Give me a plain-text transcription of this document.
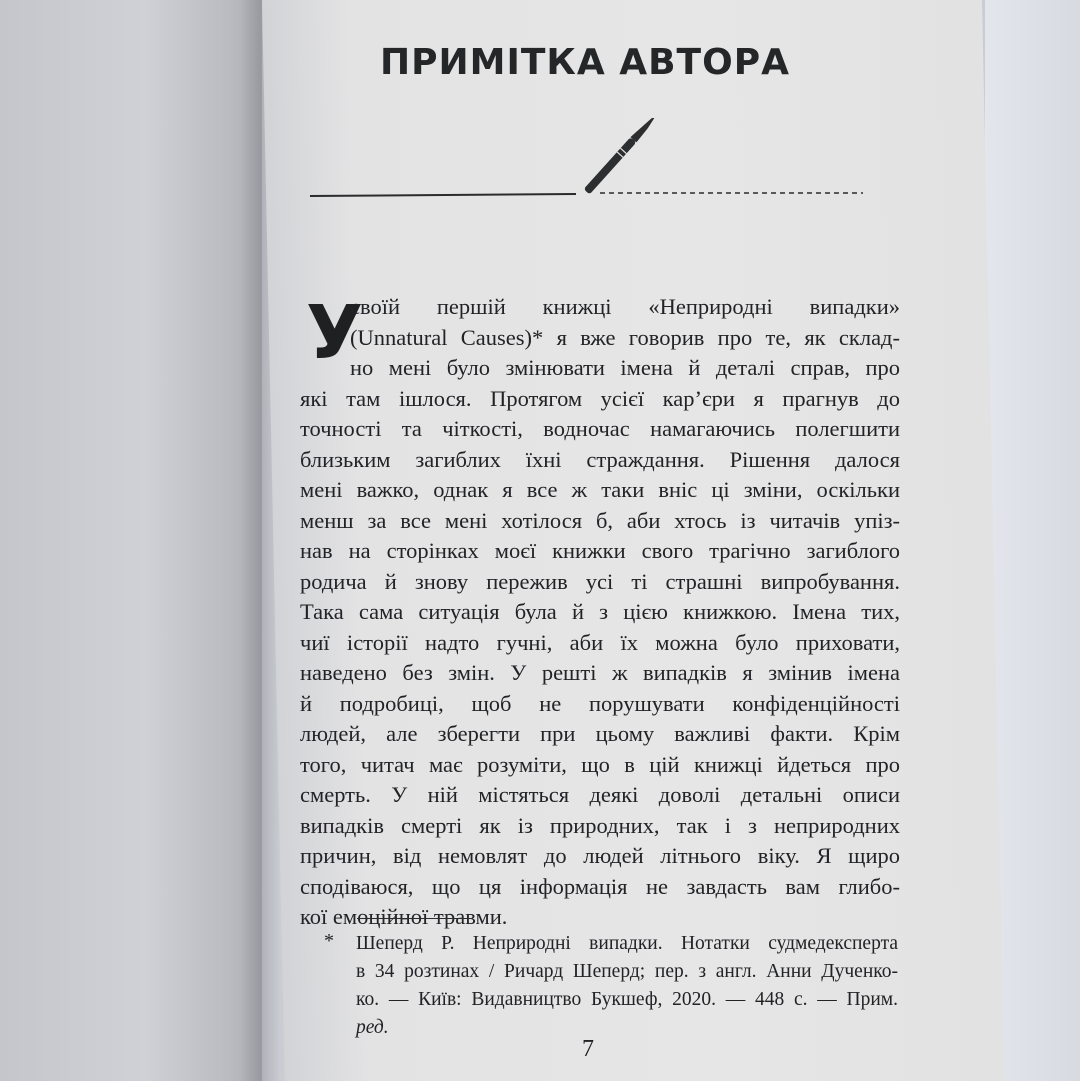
ПРИМІТКА АВТОРА
У
своїй першій книжці «Неприродні випадки»
(Unnatural Causes)* я вже говорив про те, як склад-
но мені було змінювати імена й деталі справ, про
які там ішлося. Протягом усієї кар’єри я прагнув до
точності та чіткості, водночас намагаючись полегшити
близьким загиблих їхні страждання. Рішення далося
мені важко, однак я все ж таки вніс ці зміни, оскільки
менш за все мені хотілося б, аби хтось із читачів упіз-
нав на сторінках моєї книжки свого трагічно загиблого
родича й знову пережив усі ті страшні випробування.
Така сама ситуація була й з цією книжкою. Імена тих,
чиї історії надто гучні, аби їх можна було приховати,
наведено без змін. У решті ж випадків я змінив імена
й подробиці, щоб не порушувати конфіденційності
людей, але зберегти при цьому важливі факти. Крім
того, читач має розуміти, що в цій книжці йдеться про
смерть. У ній містяться деякі доволі детальні описи
випадків смерті як із природних, так і з неприродних
причин, від немовлят до людей літнього віку. Я щиро
сподіваюся, що ця інформація не завдасть вам глибо-
кої емоційної травми.
* Шеперд Р. Неприродні випадки. Нотатки судмедексперта
в 34 розтинах / Ричард Шеперд; пер. з англ. Анни Дученко-
ко. — Київ: Видавництво Букшеф, 2020. — 448 с. — Прим.
ред.
7
